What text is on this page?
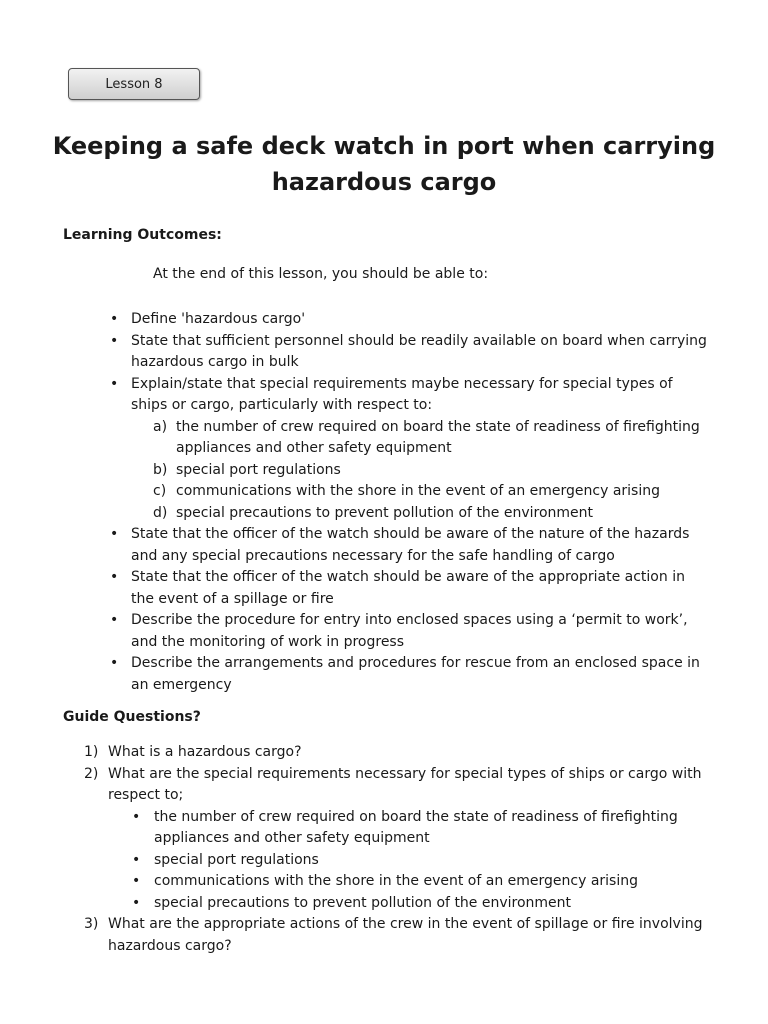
Lesson 8
Keeping a safe deck watch in port when carrying hazardous cargo
Learning Outcomes:
At the end of this lesson, you should be able to:
• Define 'hazardous cargo'
• State that sufficient personnel should be readily available on board when carrying hazardous cargo in bulk
• Explain/state that special requirements maybe necessary for special types of ships or cargo, particularly with respect to:
a) the number of crew required on board the state of readiness of firefighting appliances and other safety equipment
b) special port regulations
c) communications with the shore in the event of an emergency arising
d) special precautions to prevent pollution of the environment
• State that the officer of the watch should be aware of the nature of the hazards and any special precautions necessary for the safe handling of cargo
• State that the officer of the watch should be aware of the appropriate action in the event of a spillage or fire
• Describe the procedure for entry into enclosed spaces using a ‘permit to work’, and the monitoring of work in progress
• Describe the arrangements and procedures for rescue from an enclosed space in an emergency
Guide Questions?
1) What is a hazardous cargo?
2) What are the special requirements necessary for special types of ships or cargo with respect to;
• the number of crew required on board the state of readiness of firefighting appliances and other safety equipment
• special port regulations
• communications with the shore in the event of an emergency arising
• special precautions to prevent pollution of the environment
3) What are the appropriate actions of the crew in the event of spillage or fire involving hazardous cargo?
